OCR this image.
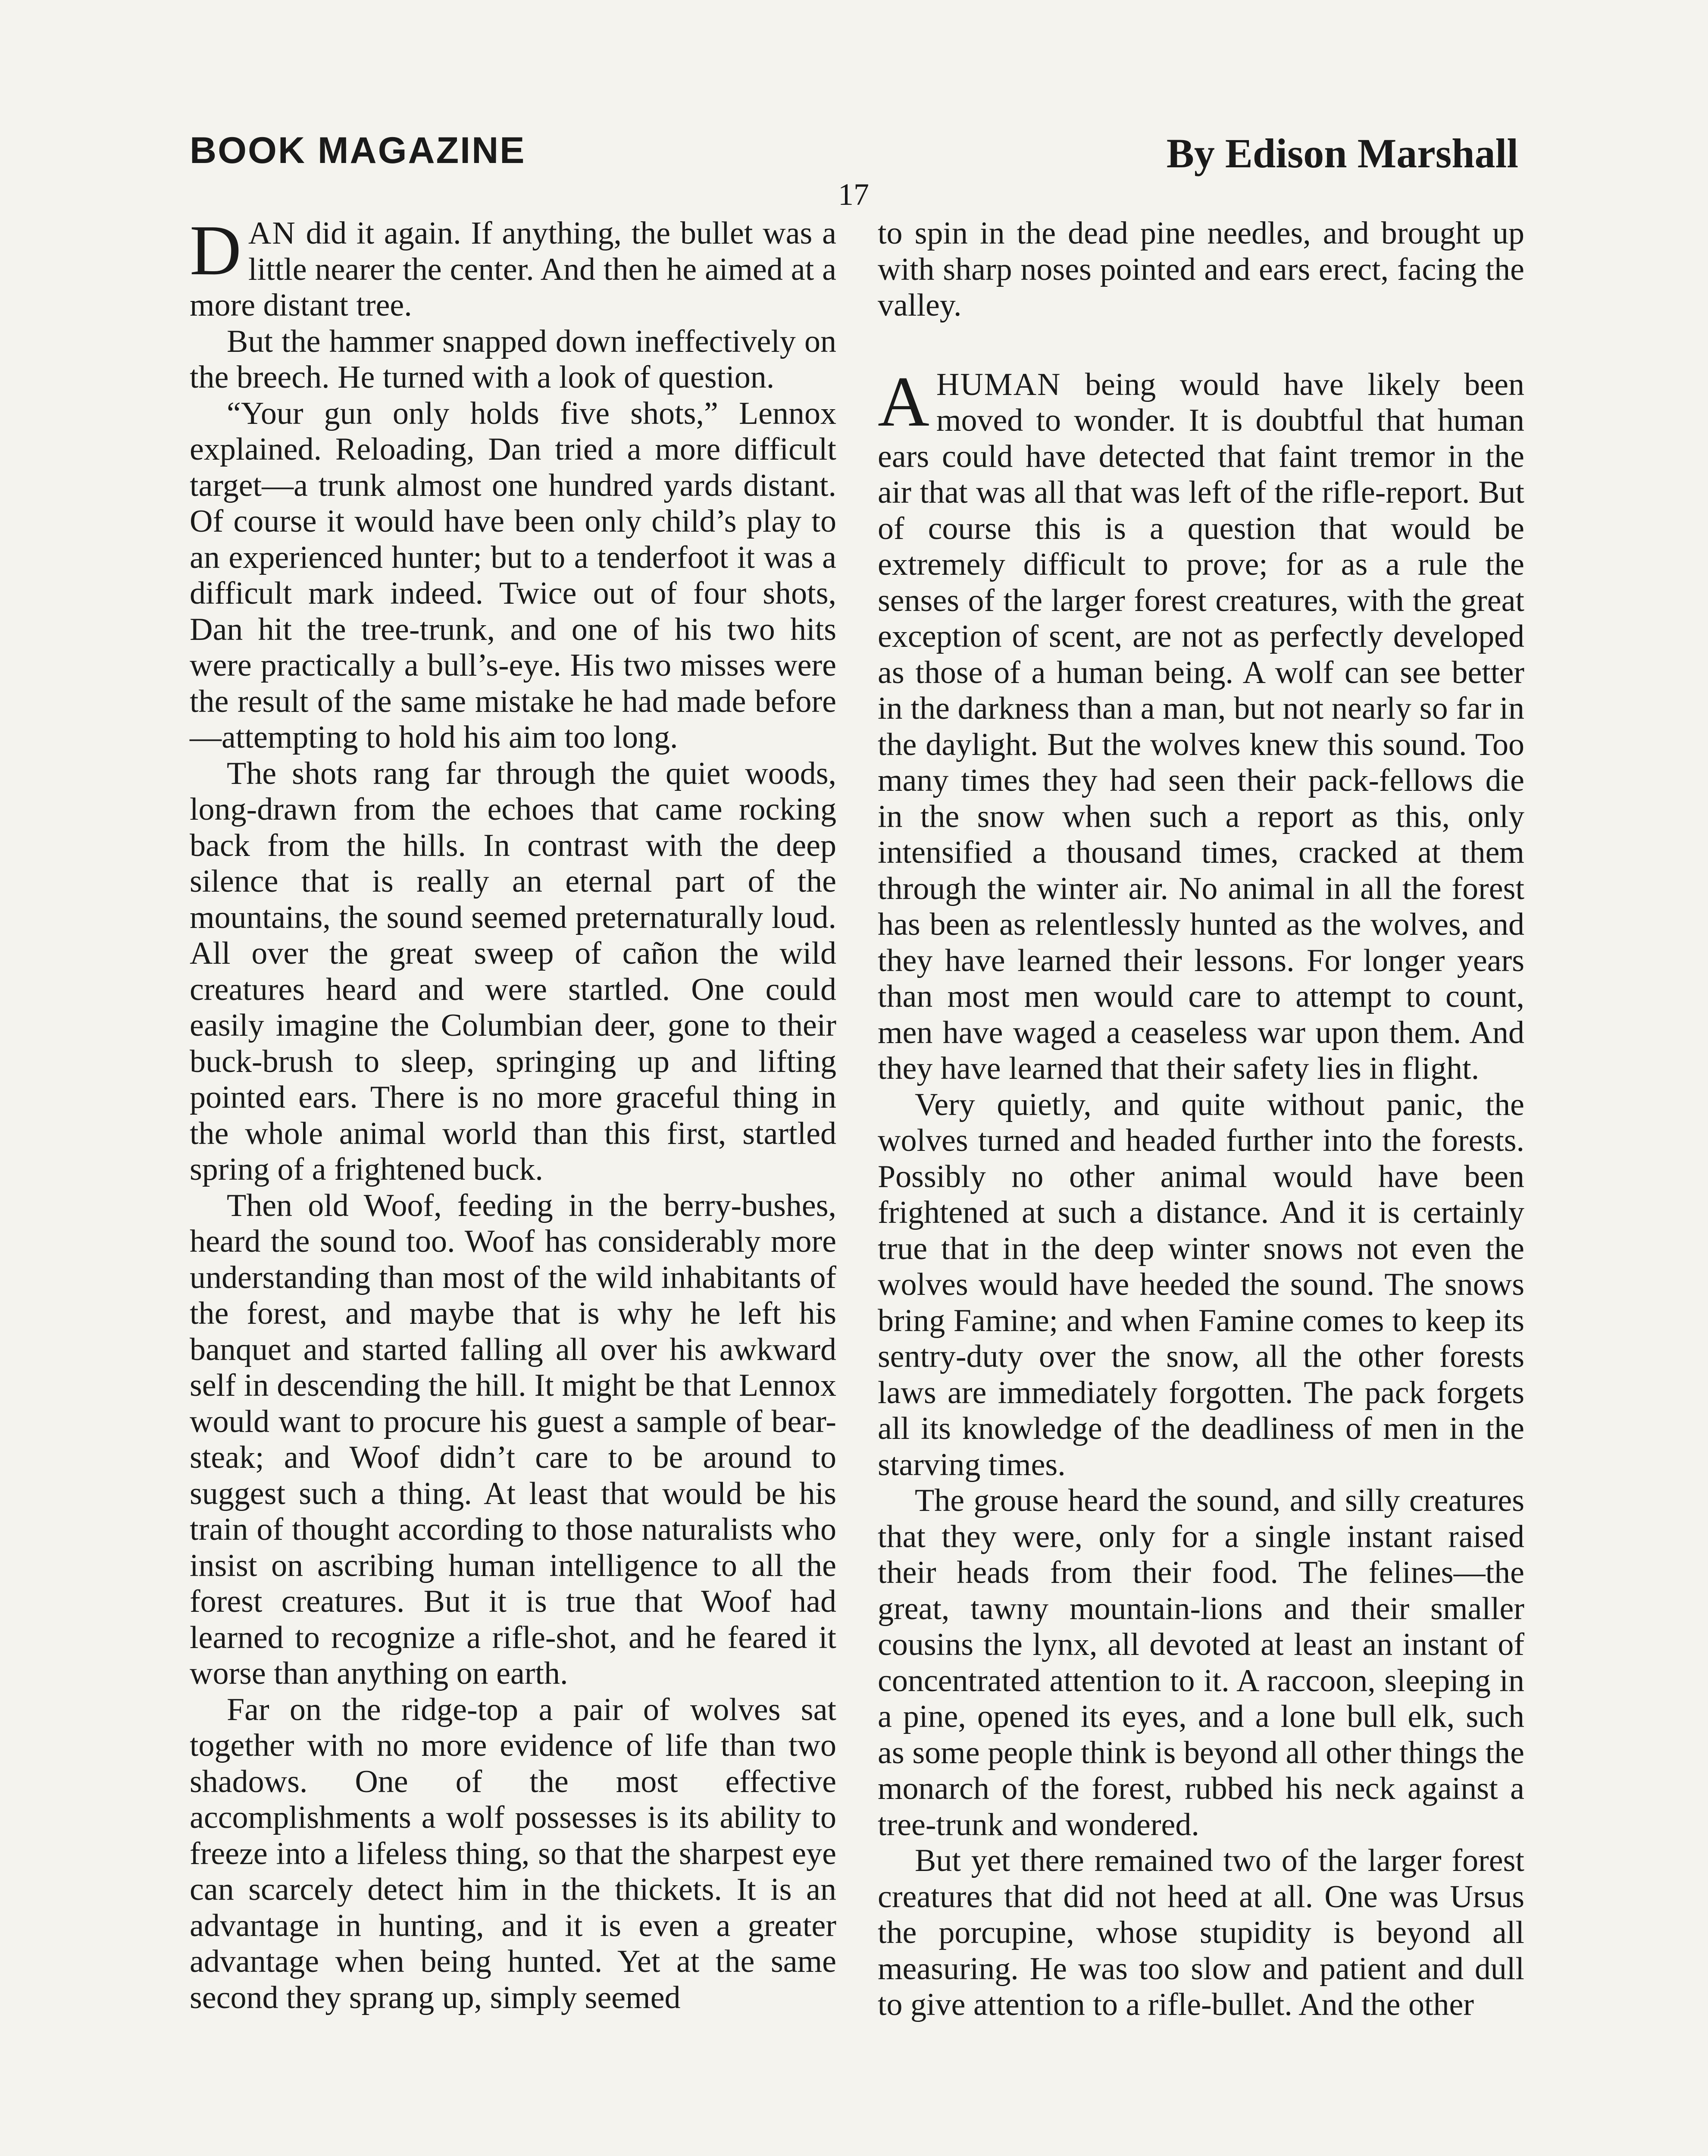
BOOK MAGAZINE	By Edison Marshall
17

DAN did it again. If anything, the bullet was a little nearer the center. And then he aimed at a more distant tree.

But the hammer snapped down ineffectively on the breech. He turned with a look of question.

“Your gun only holds five shots,” Lennox explained. Reloading, Dan tried a more difficult target—a trunk almost one hundred yards distant. Of course it would have been only child’s play to an experienced hunter; but to a tenderfoot it was a difficult mark indeed. Twice out of four shots, Dan hit the tree-trunk, and one of his two hits were practically a bull’s-eye. His two misses were the result of the same mistake he had made before—attempting to hold his aim too long.

The shots rang far through the quiet woods, long-drawn from the echoes that came rocking back from the hills. In contrast with the deep silence that is really an eternal part of the mountains, the sound seemed preternaturally loud. All over the great sweep of cañon the wild creatures heard and were startled. One could easily imagine the Columbian deer, gone to their buck-brush to sleep, springing up and lifting pointed ears. There is no more graceful thing in the whole animal world than this first, startled spring of a frightened buck.

Then old Woof, feeding in the berry-bushes, heard the sound too. Woof has considerably more understanding than most of the wild inhabitants of the forest, and maybe that is why he left his banquet and started falling all over his awkward self in descending the hill. It might be that Lennox would want to procure his guest a sample of bear-steak; and Woof didn’t care to be around to suggest such a thing. At least that would be his train of thought according to those naturalists who insist on ascribing human intelligence to all the forest creatures. But it is true that Woof had learned to recognize a rifle-shot, and he feared it worse than anything on earth.

Far on the ridge-top a pair of wolves sat together with no more evidence of life than two shadows. One of the most effective accomplishments a wolf possesses is its ability to freeze into a lifeless thing, so that the sharpest eye can scarcely detect him in the thickets. It is an advantage in hunting, and it is even a greater advantage when being hunted. Yet at the same second they sprang up, simply seemed

to spin in the dead pine needles, and brought up with sharp noses pointed and ears erect, facing the valley.

AHUMAN being would have likely been moved to wonder. It is doubtful that human ears could have detected that faint tremor in the air that was all that was left of the rifle-report. But of course this is a question that would be extremely difficult to prove; for as a rule the senses of the larger forest creatures, with the great exception of scent, are not as perfectly developed as those of a human being. A wolf can see better in the darkness than a man, but not nearly so far in the daylight. But the wolves knew this sound. Too many times they had seen their pack-fellows die in the snow when such a report as this, only intensified a thousand times, cracked at them through the winter air. No animal in all the forest has been as relentlessly hunted as the wolves, and they have learned their lessons. For longer years than most men would care to attempt to count, men have waged a ceaseless war upon them. And they have learned that their safety lies in flight.

Very quietly, and quite without panic, the wolves turned and headed further into the forests. Possibly no other animal would have been frightened at such a distance. And it is certainly true that in the deep winter snows not even the wolves would have heeded the sound. The snows bring Famine; and when Famine comes to keep its sentry-duty over the snow, all the other forests laws are immediately forgotten. The pack forgets all its knowledge of the deadliness of men in the starving times.

The grouse heard the sound, and silly creatures that they were, only for a single instant raised their heads from their food. The felines—the great, tawny mountain-lions and their smaller cousins the lynx, all devoted at least an instant of concentrated attention to it. A raccoon, sleeping in a pine, opened its eyes, and a lone bull elk, such as some people think is beyond all other things the monarch of the forest, rubbed his neck against a tree-trunk and wondered.

But yet there remained two of the larger forest creatures that did not heed at all. One was Ursus the porcupine, whose stupidity is beyond all measuring. He was too slow and patient and dull to give attention to a rifle-bullet. And the other
